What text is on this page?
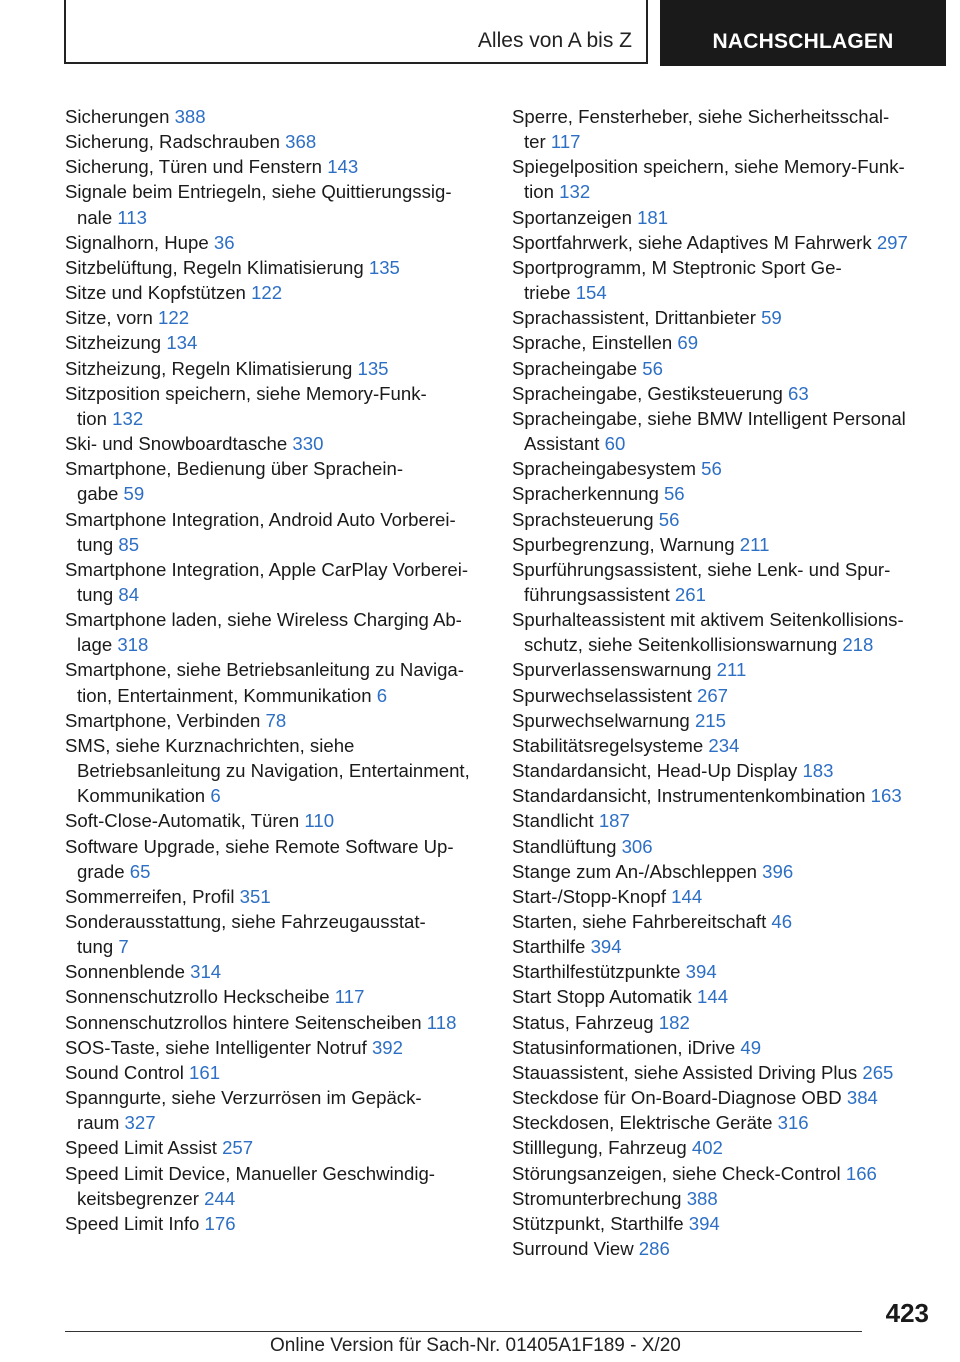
Alles von A bis Z	NACHSCHLAGEN
Sicherungen 388
Sicherung, Radschrauben 368
Sicherung, Türen und Fenstern 143
Signale beim Entriegeln, siehe Quittierungssig-
nale 113
Signalhorn, Hupe 36
Sitzbelüftung, Regeln Klimatisierung 135
Sitze und Kopfstützen 122
Sitze, vorn 122
Sitzheizung 134
Sitzheizung, Regeln Klimatisierung 135
Sitzposition speichern, siehe Memory-Funk-
tion 132
Ski- und Snowboardtasche 330
Smartphone, Bedienung über Sprachein-
gabe 59
Smartphone Integration, Android Auto Vorberei-
tung 85
Smartphone Integration, Apple CarPlay Vorberei-
tung 84
Smartphone laden, siehe Wireless Charging Ab-
lage 318
Smartphone, siehe Betriebsanleitung zu Naviga-
tion, Entertainment, Kommunikation 6
Smartphone, Verbinden 78
SMS, siehe Kurznachrichten, siehe
Betriebsanleitung zu Navigation, Entertainment,
Kommunikation 6
Soft-Close-Automatik, Türen 110
Software Upgrade, siehe Remote Software Up-
grade 65
Sommerreifen, Profil 351
Sonderausstattung, siehe Fahrzeugausstat-
tung 7
Sonnenblende 314
Sonnenschutzrollo Heckscheibe 117
Sonnenschutzrollos hintere Seitenscheiben 118
SOS-Taste, siehe Intelligenter Notruf 392
Sound Control 161
Spanngurte, siehe Verzurrösen im Gepäck-
raum 327
Speed Limit Assist 257
Speed Limit Device, Manueller Geschwindig-
keitsbegrenzer 244
Speed Limit Info 176
Sperre, Fensterheber, siehe Sicherheitsschal-
ter 117
Spiegelposition speichern, siehe Memory-Funk-
tion 132
Sportanzeigen 181
Sportfahrwerk, siehe Adaptives M Fahrwerk 297
Sportprogramm, M Steptronic Sport Ge-
triebe 154
Sprachassistent, Drittanbieter 59
Sprache, Einstellen 69
Spracheingabe 56
Spracheingabe, Gestiksteuerung 63
Spracheingabe, siehe BMW Intelligent Personal
Assistant 60
Spracheingabesystem 56
Spracherkennung 56
Sprachsteuerung 56
Spurbegrenzung, Warnung 211
Spurführungsassistent, siehe Lenk- und Spur-
führungsassistent 261
Spurhalteassistent mit aktivem Seitenkollisions-
schutz, siehe Seitenkollisionswarnung 218
Spurverlassenswarnung 211
Spurwechselassistent 267
Spurwechselwarnung 215
Stabilitätsregelsysteme 234
Standardansicht, Head-Up Display 183
Standardansicht, Instrumentenkombination 163
Standlicht 187
Standlüftung 306
Stange zum An-/Abschleppen 396
Start-/Stopp-Knopf 144
Starten, siehe Fahrbereitschaft 46
Starthilfe 394
Starthilfestützpunkte 394
Start Stopp Automatik 144
Status, Fahrzeug 182
Statusinformationen, iDrive 49
Stauassistent, siehe Assisted Driving Plus 265
Steckdose für On-Board-Diagnose OBD 384
Steckdosen, Elektrische Geräte 316
Stilllegung, Fahrzeug 402
Störungsanzeigen, siehe Check-Control 166
Stromunterbrechung 388
Stützpunkt, Starthilfe 394
Surround View 286
423
Online Version für Sach-Nr. 01405A1F189 - X/20
